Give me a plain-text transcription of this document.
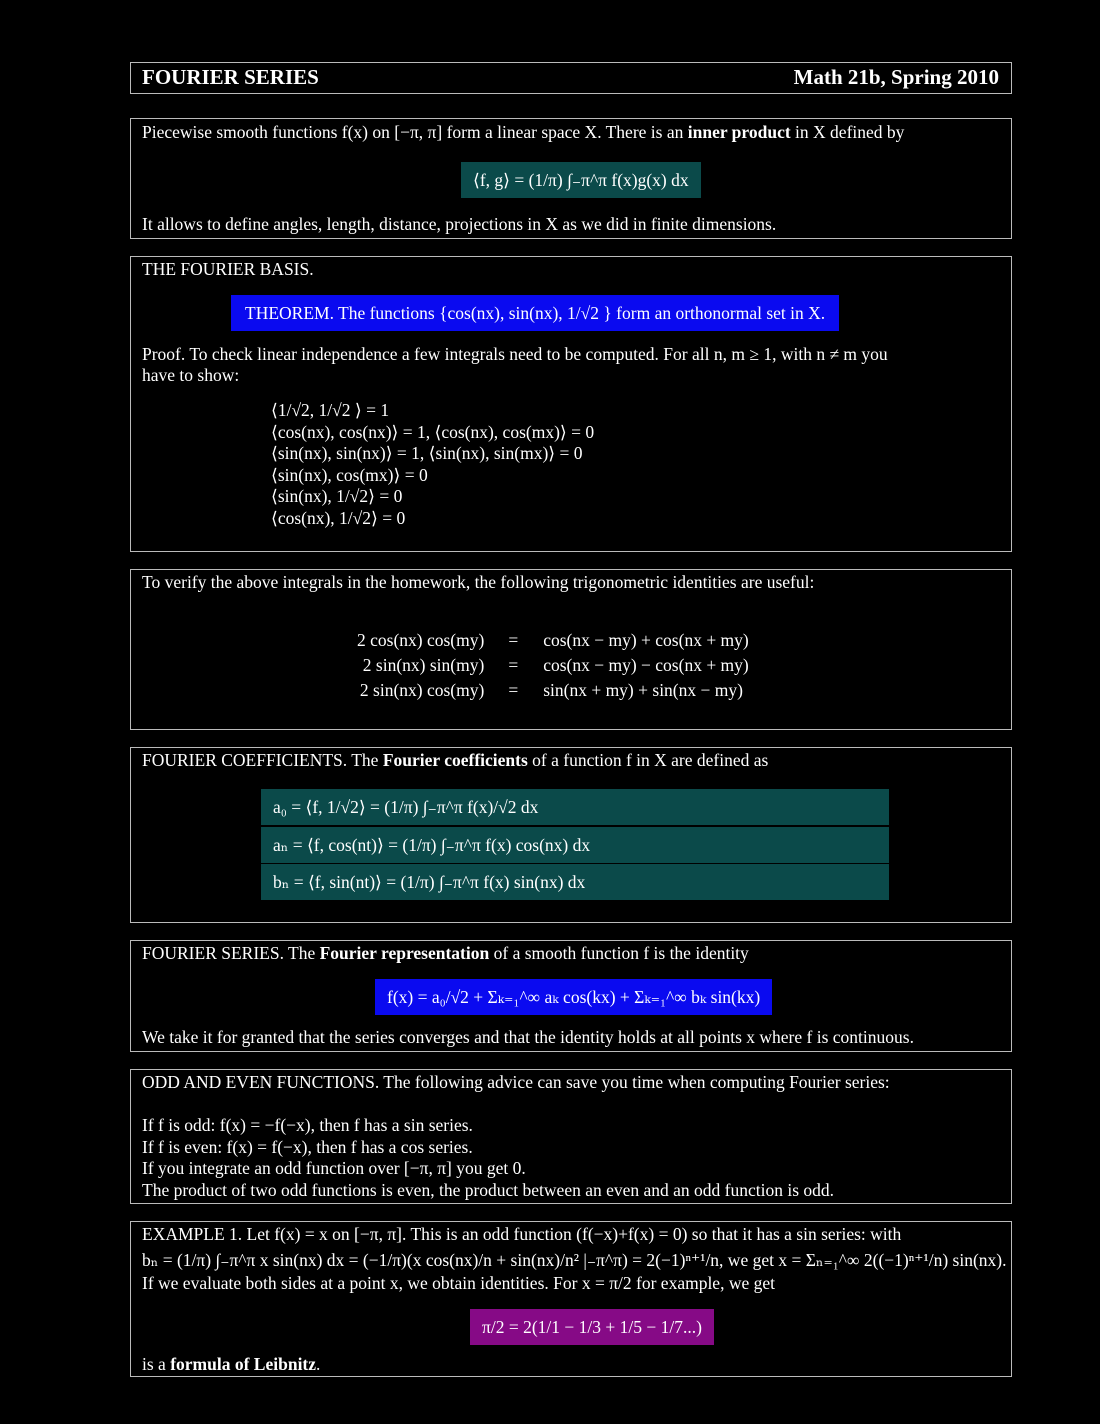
FOURIER SERIES	Math 21b, Spring 2010
Piecewise smooth functions f(x) on [−π, π] form a linear space X. There is an inner product in X defined by
⟨f, g⟩ = (1/π) ∫₋π^π f(x)g(x) dx
It allows to define angles, length, distance, projections in X as we did in finite dimensions.
THE FOURIER BASIS.
THEOREM. The functions {cos(nx), sin(nx), 1/√2 } form an orthonormal set in X.
Proof. To check linear independence a few integrals need to be computed. For all n, m ≥ 1, with n ≠ m you
have to show:
⟨1/√2, 1/√2 ⟩ = 1
⟨cos(nx), cos(nx)⟩ = 1, ⟨cos(nx), cos(mx)⟩ = 0
⟨sin(nx), sin(nx)⟩ = 1, ⟨sin(nx), sin(mx)⟩ = 0
⟨sin(nx), cos(mx)⟩ = 0
⟨sin(nx), 1/√2⟩ = 0
⟨cos(nx), 1/√2⟩ = 0
To verify the above integrals in the homework, the following trigonometric identities are useful:
2 cos(nx) cos(my)	=	cos(nx − my) + cos(nx + my)
2 sin(nx) sin(my)	=	cos(nx − my) − cos(nx + my)
2 sin(nx) cos(my)	=	sin(nx + my) + sin(nx − my)
FOURIER COEFFICIENTS. The Fourier coefficients of a function f in X are defined as
a₀ = ⟨f, 1/√2⟩ = (1/π) ∫₋π^π f(x)/√2 dx
aₙ = ⟨f, cos(nt)⟩ = (1/π) ∫₋π^π f(x) cos(nx) dx
bₙ = ⟨f, sin(nt)⟩ = (1/π) ∫₋π^π f(x) sin(nx) dx
FOURIER SERIES. The Fourier representation of a smooth function f is the identity
f(x) = a₀/√2 + Σₖ₌₁^∞ aₖ cos(kx) + Σₖ₌₁^∞ bₖ sin(kx)
We take it for granted that the series converges and that the identity holds at all points x where f is continuous.
ODD AND EVEN FUNCTIONS. The following advice can save you time when computing Fourier series:
If f is odd: f(x) = −f(−x), then f has a sin series.
If f is even: f(x) = f(−x), then f has a cos series.
If you integrate an odd function over [−π, π] you get 0.
The product of two odd functions is even, the product between an even and an odd function is odd.
EXAMPLE 1. Let f(x) = x on [−π, π]. This is an odd function (f(−x)+f(x) = 0) so that it has a sin series: with
bₙ = (1/π) ∫₋π^π x sin(nx) dx = (−1/π)(x cos(nx)/n + sin(nx)/n² |₋π^π) = 2(−1)ⁿ⁺¹/n, we get x = Σₙ₌₁^∞ 2((−1)ⁿ⁺¹/n) sin(nx).
If we evaluate both sides at a point x, we obtain identities. For x = π/2 for example, we get
π/2 = 2(1/1 − 1/3 + 1/5 − 1/7...)
is a formula of Leibnitz.
